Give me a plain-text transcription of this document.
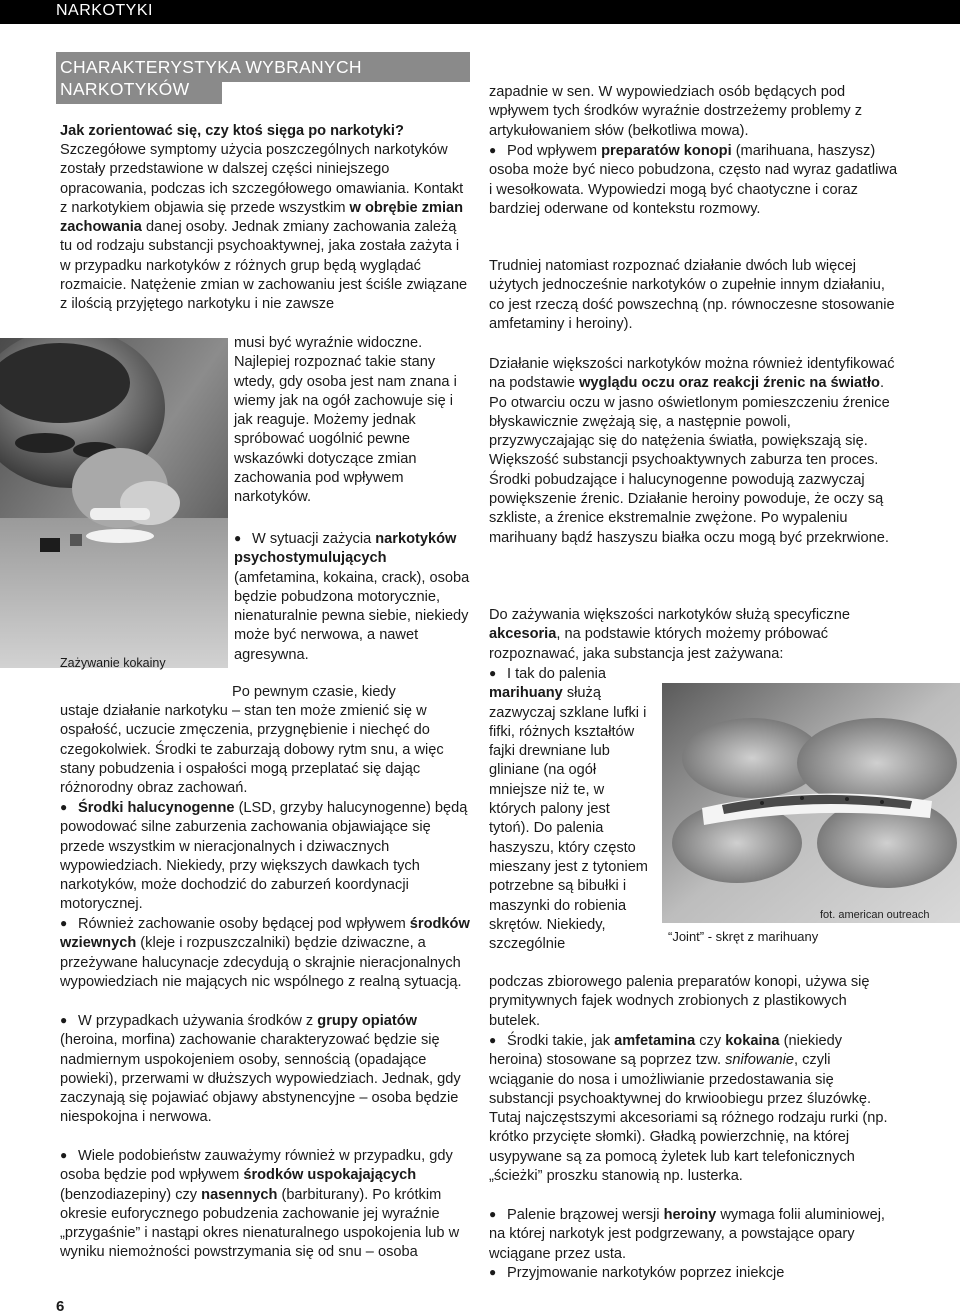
NARKOTYKI
CHARAKTERYSTYKA WYBRANYCH NARKOTYKÓW

Jak zorientować się, czy ktoś sięga po narkotyki?

Szczegółowe symptomy użycia poszczególnych narkotyków zostały przedstawione w dalszej części niniejszego opracowania, podczas ich szczegółowego omawiania. Kontakt z narkotykiem objawia się przede wszystkim w obrębie zmian zachowania danej osoby. Jednak zmiany zachowania zależą tu od rodzaju substancji psychoaktywnej, jaka została zażyta i w przypadku narkotyków z różnych grup będą wyglądać rozmaicie. Natężenie zmian w zachowaniu jest ściśle związane z ilością przyjętego narkotyku i nie zawsze

musi być wyraźnie widoczne. Najlepiej rozpoznać takie stany wtedy, gdy osoba jest nam znana i wiemy jak na ogół zachowuje się i jak reaguje. Możemy jednak spróbować uogólnić pewne wskazówki dotyczące zmian zachowania pod wpływem narkotyków.

● W sytuacji zażycia narkotyków psychostymulujących (amfetamina, kokaina, crack), osoba będzie pobudzona motorycznie, nienaturalnie pewna siebie, niekiedy może być nerwowa, a nawet agresywna.

Zażywanie kokainy

Po pewnym czasie, kiedy

ustaje działanie narkotyku – stan ten może zmienić się w ospałość, uczucie zmęczenia, przygnębienie i niechęć do czegokolwiek. Środki te zaburzają dobowy rytm snu, a więc stany pobudzenia i ospałości mogą przeplatać się dając różnorodny obraz zachowań.

● Środki halucynogenne (LSD, grzyby halucynogenne) będą powodować silne zaburzenia zachowania objawiające się przede wszystkim w nieracjonalnych i dziwacznych wypowiedziach. Niekiedy, przy większych dawkach tych narkotyków, może dochodzić do zaburzeń koordynacji motorycznej.

● Również zachowanie osoby będącej pod wpływem środków wziewnych (kleje i rozpuszczalniki) będzie dziwaczne, a przeżywane halucynacje zdecydują o skrajnie nieracjonalnych wypowiedziach nie mających nic wspólnego z realną sytuacją.

● W przypadkach używania środków z grupy opiatów (heroina, morfina) zachowanie charakteryzować będzie się nadmiernym uspokojeniem osoby, sennością (opadające powieki), przerwami w dłuższych wypowiedziach. Jednak, gdy zaczynają się pojawiać objawy abstynencyjne – osoba będzie niespokojna i nerwowa.

● Wiele podobieństw zauważymy również w przypadku, gdy osoba będzie pod wpływem środków uspokajających (benzodiazepiny) czy nasennych (barbiturany). Po krótkim okresie euforycznego pobudzenia zachowanie jej wyraźnie „przygaśnie” i nastąpi okres nienaturalnego uspokojenia lub w wyniku niemożności powstrzymania się od snu – osoba

zapadnie w sen. W wypowiedziach osób będących pod wpływem tych środków wyraźnie dostrzeżemy problemy z artykułowaniem słów (bełkotliwa mowa).

● Pod wpływem preparatów konopi (marihuana, haszysz) osoba może być nieco pobudzona, często nad wyraz gadatliwa i wesołkowata. Wypowiedzi mogą być chaotyczne i coraz bardziej oderwane od kontekstu rozmowy.

Trudniej natomiast rozpoznać działanie dwóch lub więcej użytych jednocześnie narkotyków o zupełnie innym działaniu, co jest rzeczą dość powszechną (np. równoczesne stosowanie amfetaminy i heroiny).

Działanie większości narkotyków można również identyfikować na podstawie wyglądu oczu oraz reakcji źrenic na światło. Po otwarciu oczu w jasno oświetlonym pomieszczeniu źrenice błyskawicznie zwężają się, a następnie powoli, przyzwyczajając się do natężenia światła, powiększają się. Większość substancji psychoaktywnych zaburza ten proces. Środki pobudzające i halucynogenne powodują zazwyczaj powiększenie źrenic. Działanie heroiny powoduje, że oczy są szkliste, a źrenice ekstremalnie zwężone. Po wypaleniu marihuany bądź haszyszu białka oczu mogą być przekrwione.

Do zażywania większości narkotyków służą specyficzne akcesoria, na podstawie których możemy próbować rozpoznawać, jaka substancja jest zażywana:

● I tak do palenia marihuany służą zazwyczaj szklane lufki i fifki, różnych kształtów fajki drewniane lub gliniane (na ogół mniejsze niż te, w których palony jest tytoń). Do palenia haszyszu, który często mieszany jest z tytoniem potrzebne są bibułki i maszynki do robienia skrętów. Niekiedy, szczególnie

fot. american outreach

“Joint” - skręt z marihuany

podczas zbiorowego palenia preparatów konopi, używa się prymitywnych fajek wodnych zrobionych z plastikowych butelek.

● Środki takie, jak amfetamina czy kokaina (niekiedy heroina) stosowane są poprzez tzw. snifowanie, czyli wciąganie do nosa i umożliwianie przedostawania się substancji psychoaktywnej do krwioobiegu przez śluzówkę. Tutaj najczęstszymi akcesoriami są różnego rodzaju rurki (np. krótko przycięte słomki). Gładką powierzchnię, na której usypywane są za pomocą żyletek lub kart telefonicznych „ścieżki” proszku stanowią np. lusterka.

● Palenie brązowej wersji heroiny wymaga folii aluminiowej, na której narkotyk jest podgrzewany, a powstające opary wciągane przez usta.

● Przyjmowanie narkotyków poprzez iniekcje

6
